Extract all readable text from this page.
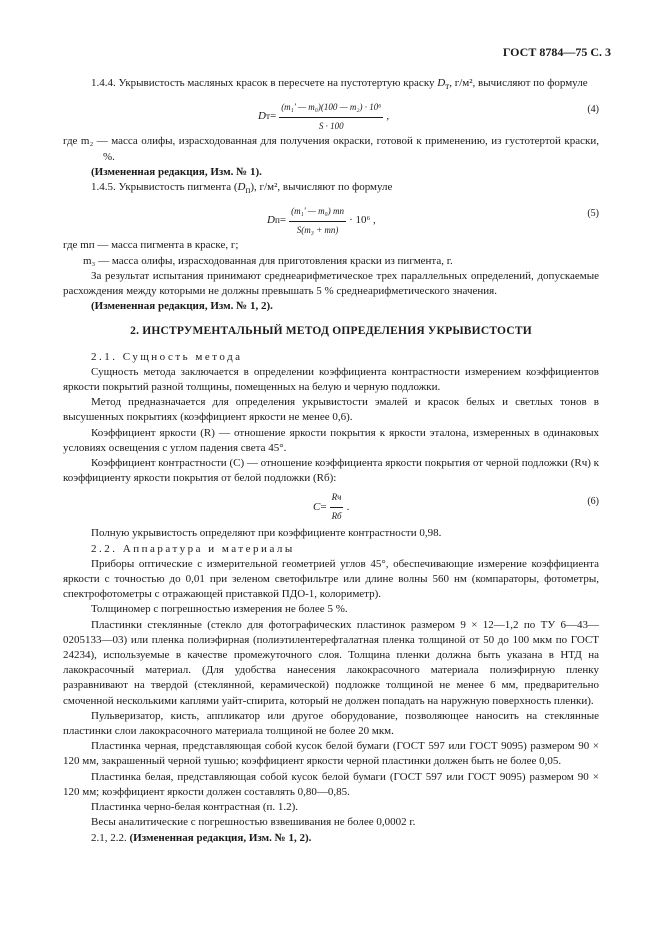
ГОСТ 8784—75 С. 3

1.4.4. Укрывистость масляных красок в пересчете на пустотертую краску $D_т$, г/м², вычисляют по формуле

D $т = \frac{\text{(m₁′ — m₀)(100 — m₂) · 10⁶}}{S \cdot 100}$ ,
(4)

где m₂ — масса олифы, израсходованная для получения окраски, готовой к применению, из густотертой краски, %.

(Измененная редакция, Изм. № 1).

1.4.5. Укрывистость пигмента $(D_п)$, г/м², вычисляют по формуле

D $п = \frac{\text{(m₁′ — m₀) mп}}{\text{S(m₃ + mп)}} \cdot 10^6$ ,
(5)

где mп — масса пигмента в краске, г;

m₃ — масса олифы, израсходованная для приготовления краски из пигмента, г.

За результат испытания принимают среднеарифметическое трех параллельных определений, допускаемые расхождения между которыми не должны превышать 5 % среднеарифметического значения.

(Измененная редакция, Изм. № 1, 2).

2. ИНСТРУМЕНТАЛЬНЫЙ МЕТОД ОПРЕДЕЛЕНИЯ УКРЫВИСТОСТИ

2.1. Сущность метода

Сущность метода заключается в определении коэффициента контрастности измерением коэффициентов яркости покрытий разной толщины, помещенных на белую и черную подложки.

Метод предназначается для определения укрывистости эмалей и красок белых и светлых тонов в высушенных покрытиях (коэффициент яркости не менее 0,6).

Коэффициент яркости (R) — отношение яркости покрытия к яркости эталона, измеренных в одинаковых условиях освещения с углом падения света 45°.

Коэффициент контрастности (С) — отношение коэффициента яркости покрытия от черной подложки (Rч) к коэффициенту яркости покрытия от белой подложки (Rб):

$C = \frac{Rч}{Rб}$ .	(6)

Полную укрывистость определяют при коэффициенте контрастности 0,98.

2.2. Аппаратура и материалы

Приборы оптические с измерительной геометрией углов 45°, обеспечивающие измерение коэффициента яркости с точностью до 0,01 при зеленом светофильтре или длине волны 560 нм (компараторы, фотометры, спектрофотометры с отражающей приставкой ПДО-1, колориметр).

Толщиномер с погрешностью измерения не более 5 %.

Пластинки стеклянные (стекло для фотографических пластинок размером 9 × 12—1,2 по ТУ 6—43—0205133—03) или пленка полиэфирная (полиэтилентерефталатная пленка толщиной от 50 до 100 мкм по ГОСТ 24234), используемые в качестве промежуточного слоя. Толщина пленки должна быть указана в НТД на лакокрасочный материал. (Для удобства нанесения лакокрасочного материала полиэфирную пленку разравнивают на твердой (стеклянной, керамической) подложке толщиной не менее 6 мм, предварительно смоченной несколькими каплями уайт-спирита, который не должен попадать на наружную поверхность пленки).

Пульверизатор, кисть, аппликатор или другое оборудование, позволяющее наносить на стеклянные пластинки слои лакокрасочного материала толщиной не более 20 мкм.

Пластинка черная, представляющая собой кусок белой бумаги (ГОСТ 597 или ГОСТ 9095) размером 90 × 120 мм, закрашенный черной тушью; коэффициент яркости черной пластинки должен быть не более 0,05.

Пластинка белая, представляющая собой кусок белой бумаги (ГОСТ 597 или ГОСТ 9095) размером 90 × 120 мм; коэффициент яркости должен составлять 0,80—0,85.

Пластинка черно-белая контрастная (п. 1.2).

Весы аналитические с погрешностью взвешивания не более 0,0002 г.

2.1, 2.2. (Измененная редакция, Изм. № 1, 2).
